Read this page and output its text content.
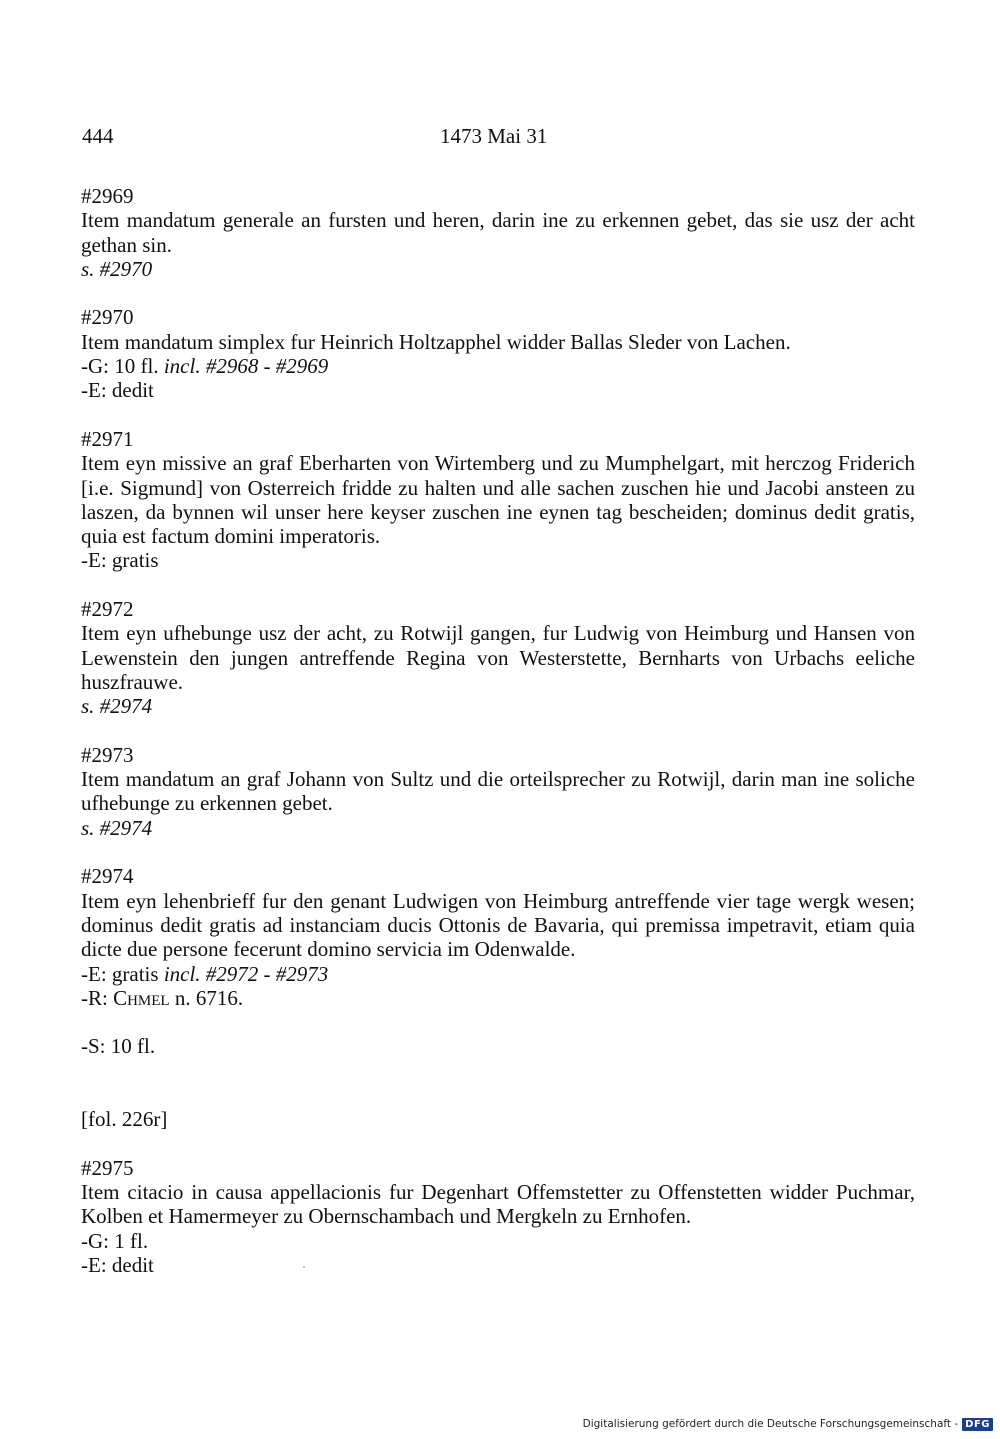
444	1473 Mai 31
#2969
Item mandatum generale an fursten und heren, darin ine zu erkennen gebet, das sie usz der acht gethan sin.
s. #2970
#2970
Item mandatum simplex fur Heinrich Holtzapphel widder Ballas Sleder von Lachen.
-G: 10 fl. incl. #2968 - #2969
-E: dedit
#2971
Item eyn missive an graf Eberharten von Wirtemberg und zu Mumphelgart, mit herczog Friderich [i.e. Sigmund] von Osterreich fridde zu halten und alle sachen zuschen hie und Jacobi ansteen zu laszen, da bynnen wil unser here keyser zuschen ine eynen tag bescheiden; dominus dedit gratis, quia est factum domini imperatoris.
-E: gratis
#2972
Item eyn ufhebunge usz der acht, zu Rotwijl gangen, fur Ludwig von Heimburg und Hansen von Lewenstein den jungen antreffende Regina von Westerstette, Bernharts von Urbachs eeliche huszfrauwe.
s. #2974
#2973
Item mandatum an graf Johann von Sultz und die orteilsprecher zu Rotwijl, darin man ine soliche ufhebunge zu erkennen gebet.
s. #2974
#2974
Item eyn lehenbrieff fur den genant Ludwigen von Heimburg antreffende vier tage wergk wesen; dominus dedit gratis ad instanciam ducis Ottonis de Bavaria, qui premissa impetravit, etiam quia dicte due persone fecerunt domino servicia im Odenwalde.
-E: gratis incl. #2972 - #2973
-R: Chmel n. 6716.
-S: 10 fl.
[fol. 226r]
#2975
Item citacio in causa appellacionis fur Degenhart Offemstetter zu Offenstetten widder Puchmar, Kolben et Hamermeyer zu Obernschambach und Mergkeln zu Ernhofen.
-G: 1 fl.
-E: dedit
Digitalisierung gefördert durch die Deutsche Forschungsgemeinschaft - DFG
